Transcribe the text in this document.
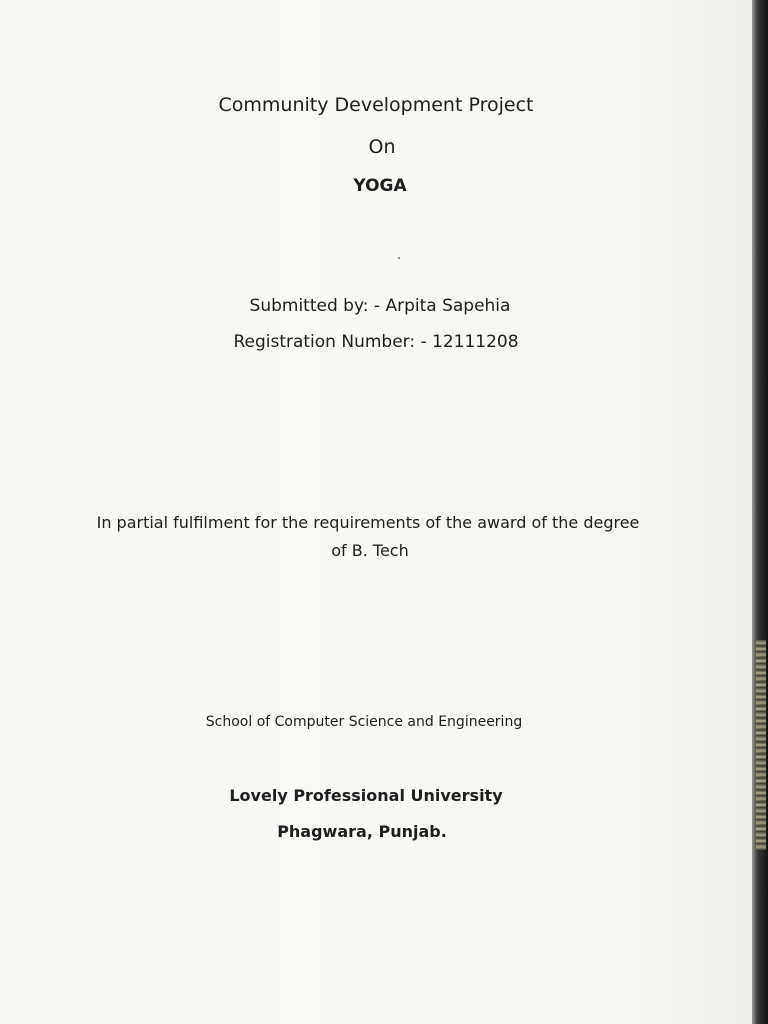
Community Development Project
On
YOGA
Submitted by: - Arpita Sapehia
Registration Number: - 12111208
In partial fulfilment for the requirements of the award of the degree
of B. Tech
School of Computer Science and Engineering
Lovely Professional University
Phagwara, Punjab.
